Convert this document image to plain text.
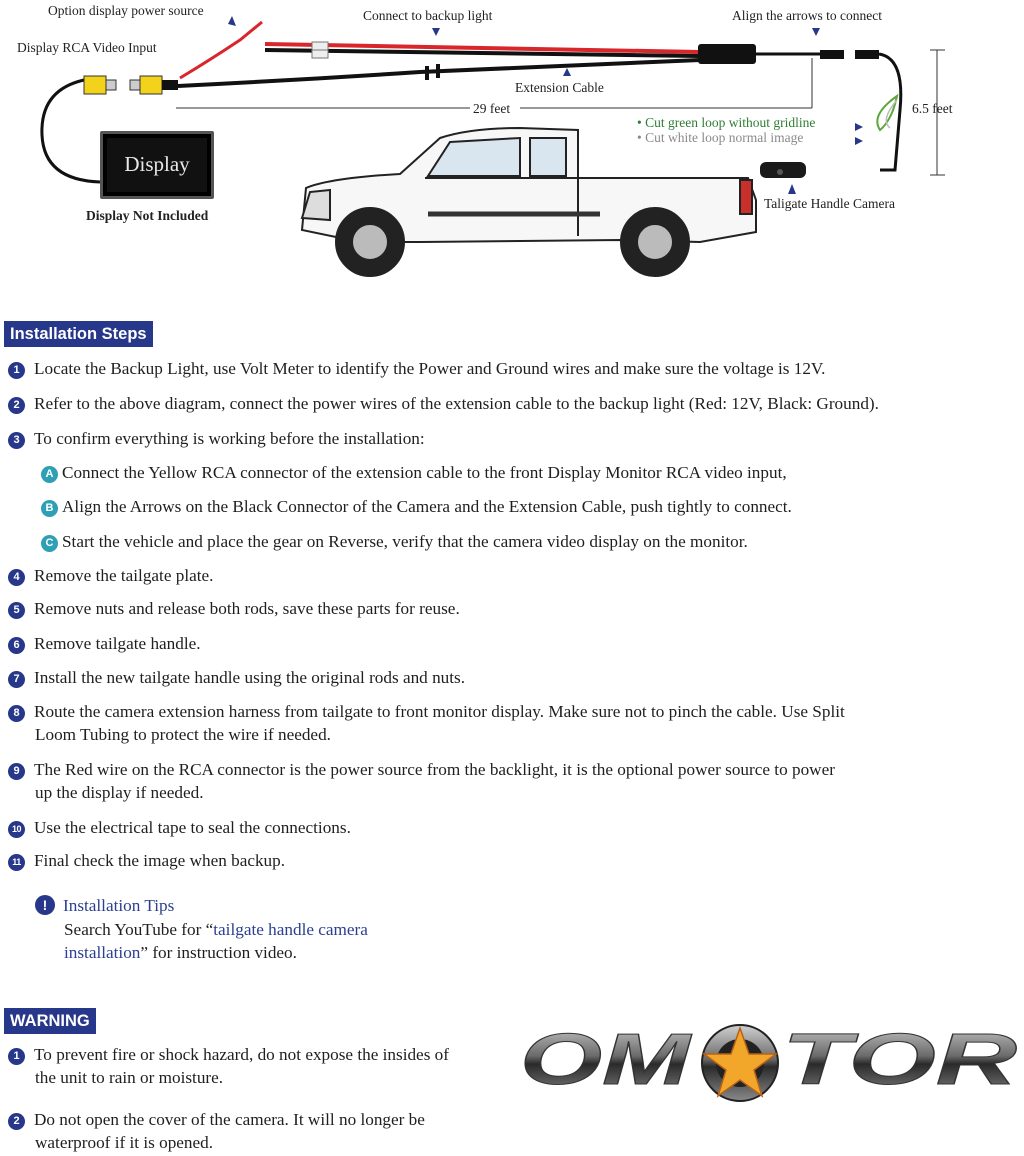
Option display power source
Display RCA Video Input
Connect to backup light	Align the arrows to connect
Extension Cable
29 feet	6.5 feet
• Cut green loop without gridline
• Cut white loop normal image
Taligate Handle Camera
Display
Display Not Included
Installation Steps
1 Locate the Backup Light, use Volt Meter to identify the Power and Ground wires and make sure the voltage is 12V.
2 Refer to the above diagram, connect the power wires of the extension cable to the backup light (Red: 12V, Black: Ground).
3 To confirm everything is working before the installation:
A Connect the Yellow RCA connector of the extension cable to the front Display Monitor RCA video input,
B Align the Arrows on the Black Connector of the Camera and the Extension Cable, push tightly to connect.
C Start the vehicle and place the gear on Reverse, verify that the camera video display on the monitor.
4 Remove the tailgate plate.
5 Remove nuts and release both rods, save these parts for reuse.
6 Remove tailgate handle.
7 Install the new tailgate handle using the original rods and nuts.
8 Route the camera extension harness from tailgate to front monitor display. Make sure not to pinch the cable. Use Split
Loom Tubing to protect the wire if needed.
9 The Red wire on the RCA connector is the power source from the backlight, it is the optional power source to power
up the display if needed.
10 Use the electrical tape to seal the connections.
11 Final check the image when backup.
! Installation Tips
Search YouTube for “tailgate handle camera
installation” for instruction video.
WARNING
1 To prevent fire or shock hazard, do not expose the insides of
the unit to rain or moisture.
2 Do not open the cover of the camera. It will no longer be
waterproof if it is opened.
OM TOR
